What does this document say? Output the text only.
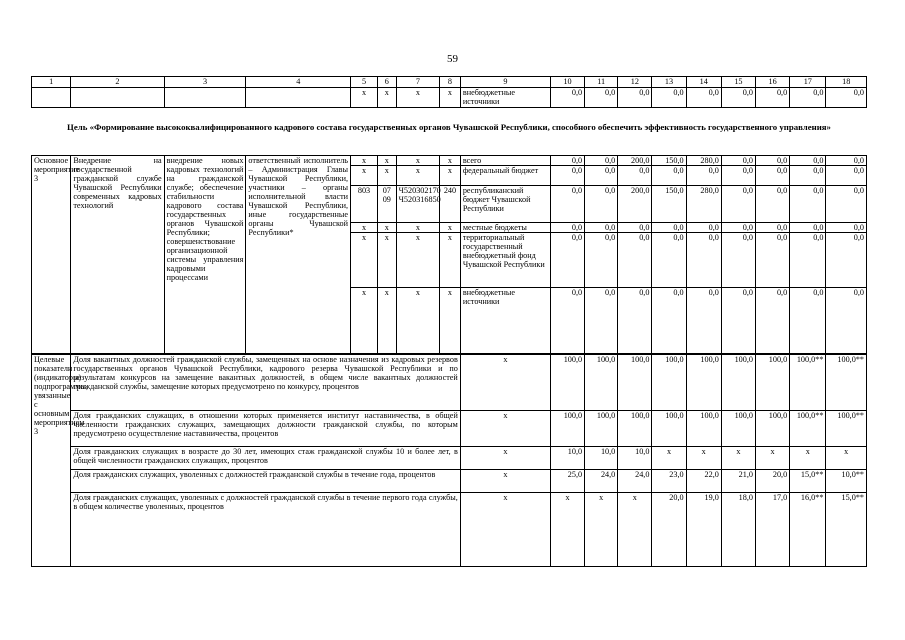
59
1	2	3	4	5	6	7	8	9	10	11	12	13	14	15	16	17	18
				х	х	х	х	внебюджетные источники	0,0	0,0	0,0	0,0	0,0	0,0	0,0	0,0	0,0
Цель «Формирование высококвалифицированного кадрового состава государственных органов Чувашской Республики, способного обеспечить эффективность государственного управления»
Основное мероприятие 3	Внедрение на государственной гражданской службе Чувашской Республики современных кадровых технологий	внедрение новых кадровых технологий на гражданской службе; обеспечение стабильности кадрового состава государственных органов Чувашской Республики; совершенствование организационной системы управления кадровыми процессами	ответственный исполнитель – Администрация Главы Чувашской Республики, участники – органы исполнительной власти Чувашской Республики, иные государственные органы Чувашской Республики*	х	х	х	х	всего	0,0	0,0	200,0	150,0	280,0	0,0	0,0	0,0	0,0
				х	х	х	х	федеральный бюджет	0,0	0,0	0,0	0,0	0,0	0,0	0,0	0,0	0,0
				803	07 09	Ч520302170 Ч520316850	240	республиканский бюджет Чувашской Республики	0,0	0,0	200,0	150,0	280,0	0,0	0,0	0,0	0,0
				х	х	х	х	местные бюджеты	0,0	0,0	0,0	0,0	0,0	0,0	0,0	0,0	0,0
				х	х	х	х	территориальный государственный внебюджетный фонд Чувашской Республики	0,0	0,0	0,0	0,0	0,0	0,0	0,0	0,0	0,0
				х	х	х	х	внебюджетные источники	0,0	0,0	0,0	0,0	0,0	0,0	0,0	0,0	0,0
Целевые показатели (индикаторы) подпрограммы, увязанные с основным мероприятием 3	Доля вакантных должностей гражданской службы, замещенных на основе назначения из кадровых резервов государственных органов Чувашской Республики, кадрового резерва Чувашской Республики и по результатам конкурсов на замещение вакантных должностей, в общем числе вакантных должностей гражданской службы, замещение которых предусмотрено по конкурсу, процентов	х	100,0	100,0	100,0	100,0	100,0	100,0	100,0	100,0**	100,0**
	Доля гражданских служащих, в отношении которых применяется институт наставничества, в общей численности гражданских служащих, замещающих должности гражданской службы, по которым предусмотрено осуществление наставничества, процентов	х	100,0	100,0	100,0	100,0	100,0	100,0	100,0	100,0**	100,0**
	Доля гражданских служащих в возрасте до 30 лет, имеющих стаж гражданской службы 10 и более лет, в общей численности гражданских служащих, процентов	х	10,0	10,0	10,0	х	х	х	х	х	х
	Доля гражданских служащих, уволенных с должностей гражданской службы в течение года, процентов	х	25,0	24,0	24,0	23,0	22,0	21,0	20,0	15,0**	10,0**
	Доля гражданских служащих, уволенных с должностей гражданской службы в течение первого года службы, в общем количестве уволенных, процентов	х	х	х	х	20,0	19,0	18,0	17,0	16,0**	15,0**
